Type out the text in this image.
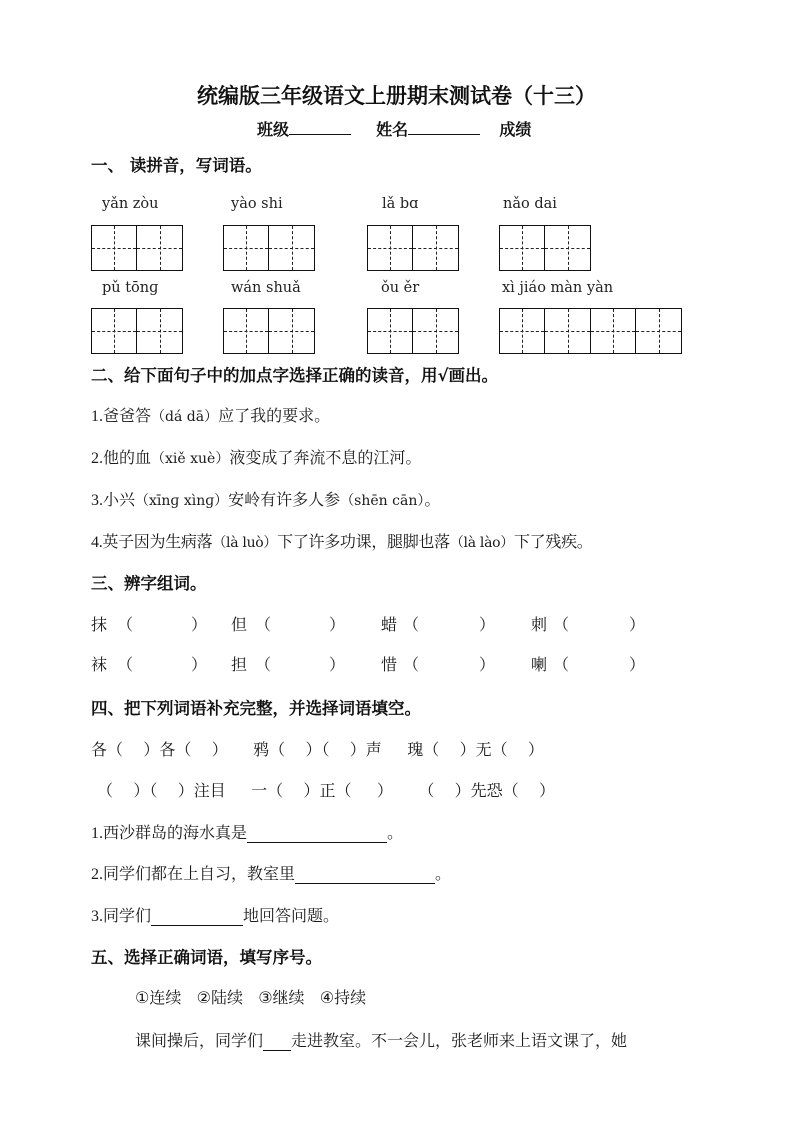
统编版三年级语文上册期末测试卷（十三）
班级	姓名	成绩
一、 读拼音，写词语。
yǎn zòu	yào shi	lǎ bɑ	nǎo dai
pǔ tōnɡ	wán shuǎ	ǒu ěr	xì jiáo màn yàn
二、给下面句子中的加点字选择正确的读音，用√画出。
1.爸爸答（dá dā）应了我的要求。
2.他的血（xiě xuè）液变成了奔流不息的江河。
3.小兴（xīnɡ xìnɡ）安岭有许多人参（shēn cān）。
4.英子因为生病落（là luò）下了许多功课，腿脚也落（là lào）下了残疾。
三、辨字组词。
抹 （	） 但 （	） 蜡 （	） 刺 （	）
袜 （	） 担 （	） 惜 （	） 喇 （	）
四、把下列词语补充完整，并选择词语填空。
各（    ）各（    ）     鸦（    ）（    ）声     瑰（    ）无（    ）
（    ）（    ）注目     一（    ）正（     ）     （    ）先恐（    ）
1.西沙群岛的海水真是	。
2.同学们都在上自习，教室里	。
3.同学们	地回答问题。
五、选择正确词语，填写序号。
①连续   ②陆续   ③继续   ④持续
课间操后，同学们 走进教室。不一会儿，张老师来上语文课了，她
